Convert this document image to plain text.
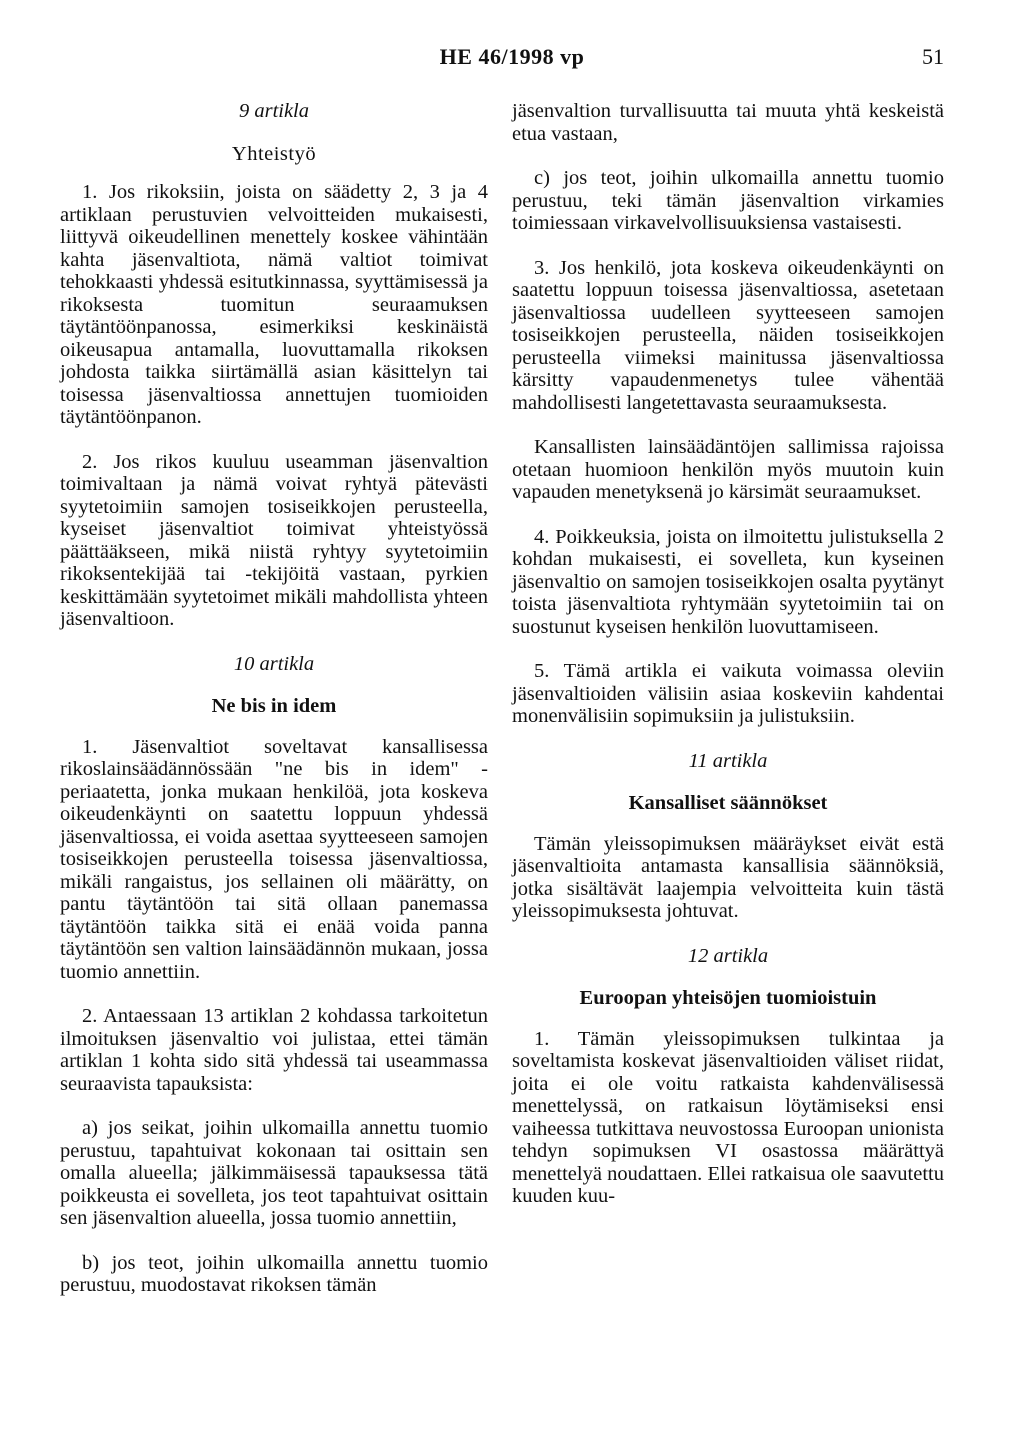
HE 46/1998 vp	51
9 artikla
Yhteistyö

1. Jos rikoksiin, joista on säädetty 2, 3 ja 4 artiklaan perustuvien velvoitteiden mukaisesti, liittyvä oikeudellinen menettely koskee vähintään kahta jäsenvaltiota, nämä valtiot toimivat tehokkaasti yhdessä esitutkinnassa, syyttämisessä ja rikoksesta tuomitun seuraamuksen täytäntöönpanossa, esimerkiksi keskinäistä oikeusapua antamalla, luovuttamalla rikoksen johdosta taikka siirtämällä asian käsittelyn tai toisessa jäsenvaltiossa annettujen tuomioiden täytäntöönpanon.

2. Jos rikos kuuluu useamman jäsenvaltion toimivaltaan ja nämä voivat ryhtyä pätevästi syytetoimiin samojen tosiseikkojen perusteella, kyseiset jäsenvaltiot toimivat yhteistyössä päättääkseen, mikä niistä ryhtyy syytetoimiin rikoksentekijää tai -tekijöitä vastaan, pyrkien keskittämään syytetoimet mikäli mahdollista yhteen jäsenvaltioon.

10 artikla
Ne bis in idem

1. Jäsenvaltiot soveltavat kansallisessa rikoslainsäädännössään "ne bis in idem" -periaatetta, jonka mukaan henkilöä, jota koskeva oikeudenkäynti on saatettu loppuun yhdessä jäsenvaltiossa, ei voida asettaa syytteeseen samojen tosiseikkojen perusteella toisessa jäsenvaltiossa, mikäli rangaistus, jos sellainen oli määrätty, on pantu täytäntöön tai sitä ollaan panemassa täytäntöön taikka sitä ei enää voida panna täytäntöön sen valtion lainsäädännön mukaan, jossa tuomio annettiin.

2. Antaessaan 13 artiklan 2 kohdassa tarkoitetun ilmoituksen jäsenvaltio voi julistaa, ettei tämän artiklan 1 kohta sido sitä yhdessä tai useammassa seuraavista tapauksista:

a) jos seikat, joihin ulkomailla annettu tuomio perustuu, tapahtuivat kokonaan tai osittain sen omalla alueella; jälkimmäisessä tapauksessa tätä poikkeusta ei sovelleta, jos teot tapahtuivat osittain sen jäsenvaltion alueella, jossa tuomio annettiin,

b) jos teot, joihin ulkomailla annettu tuomio perustuu, muodostavat rikoksen tämän

jäsenvaltion turvallisuutta tai muuta yhtä keskeistä etua vastaan,

c) jos teot, joihin ulkomailla annettu tuomio perustuu, teki tämän jäsenvaltion virkamies toimiessaan virkavelvollisuuksiensa vastaisesti.

3. Jos henkilö, jota koskeva oikeudenkäynti on saatettu loppuun toisessa jäsenvaltiossa, asetetaan jäsenvaltiossa uudelleen syytteeseen samojen tosiseikkojen perusteella, näiden tosiseikkojen perusteella viimeksi mainitussa jäsenvaltiossa kärsitty vapaudenmenetys tulee vähentää mahdollisesti langetettavasta seuraamuksesta.

Kansallisten lainsäädäntöjen sallimissa rajoissa otetaan huomioon henkilön myös muutoin kuin vapauden menetyksenä jo kärsimät seuraamukset.

4. Poikkeuksia, joista on ilmoitettu julistuksella 2 kohdan mukaisesti, ei sovelleta, kun kyseinen jäsenvaltio on samojen tosiseikkojen osalta pyytänyt toista jäsenvaltiota ryhtymään syytetoimiin tai on suostunut kyseisen henkilön luovuttamiseen.

5. Tämä artikla ei vaikuta voimassa oleviin jäsenvaltioiden välisiin asiaa koskeviin kahdentai monenvälisiin sopimuksiin ja julistuksiin.

11 artikla
Kansalliset säännökset

Tämän yleissopimuksen määräykset eivät estä jäsenvaltioita antamasta kansallisia säännöksiä, jotka sisältävät laajempia velvoitteita kuin tästä yleissopimuksesta johtuvat.

12 artikla
Euroopan yhteisöjen tuomioistuin

1. Tämän yleissopimuksen tulkintaa ja soveltamista koskevat jäsenvaltioiden väliset riidat, joita ei ole voitu ratkaista kahdenvälisessä menettelyssä, on ratkaisun löytämiseksi ensi vaiheessa tutkittava neuvostossa Euroopan unionista tehdyn sopimuksen VI osastossa määrättyä menettelyä noudattaen. Ellei ratkaisua ole saavutettu kuuden kuu-
